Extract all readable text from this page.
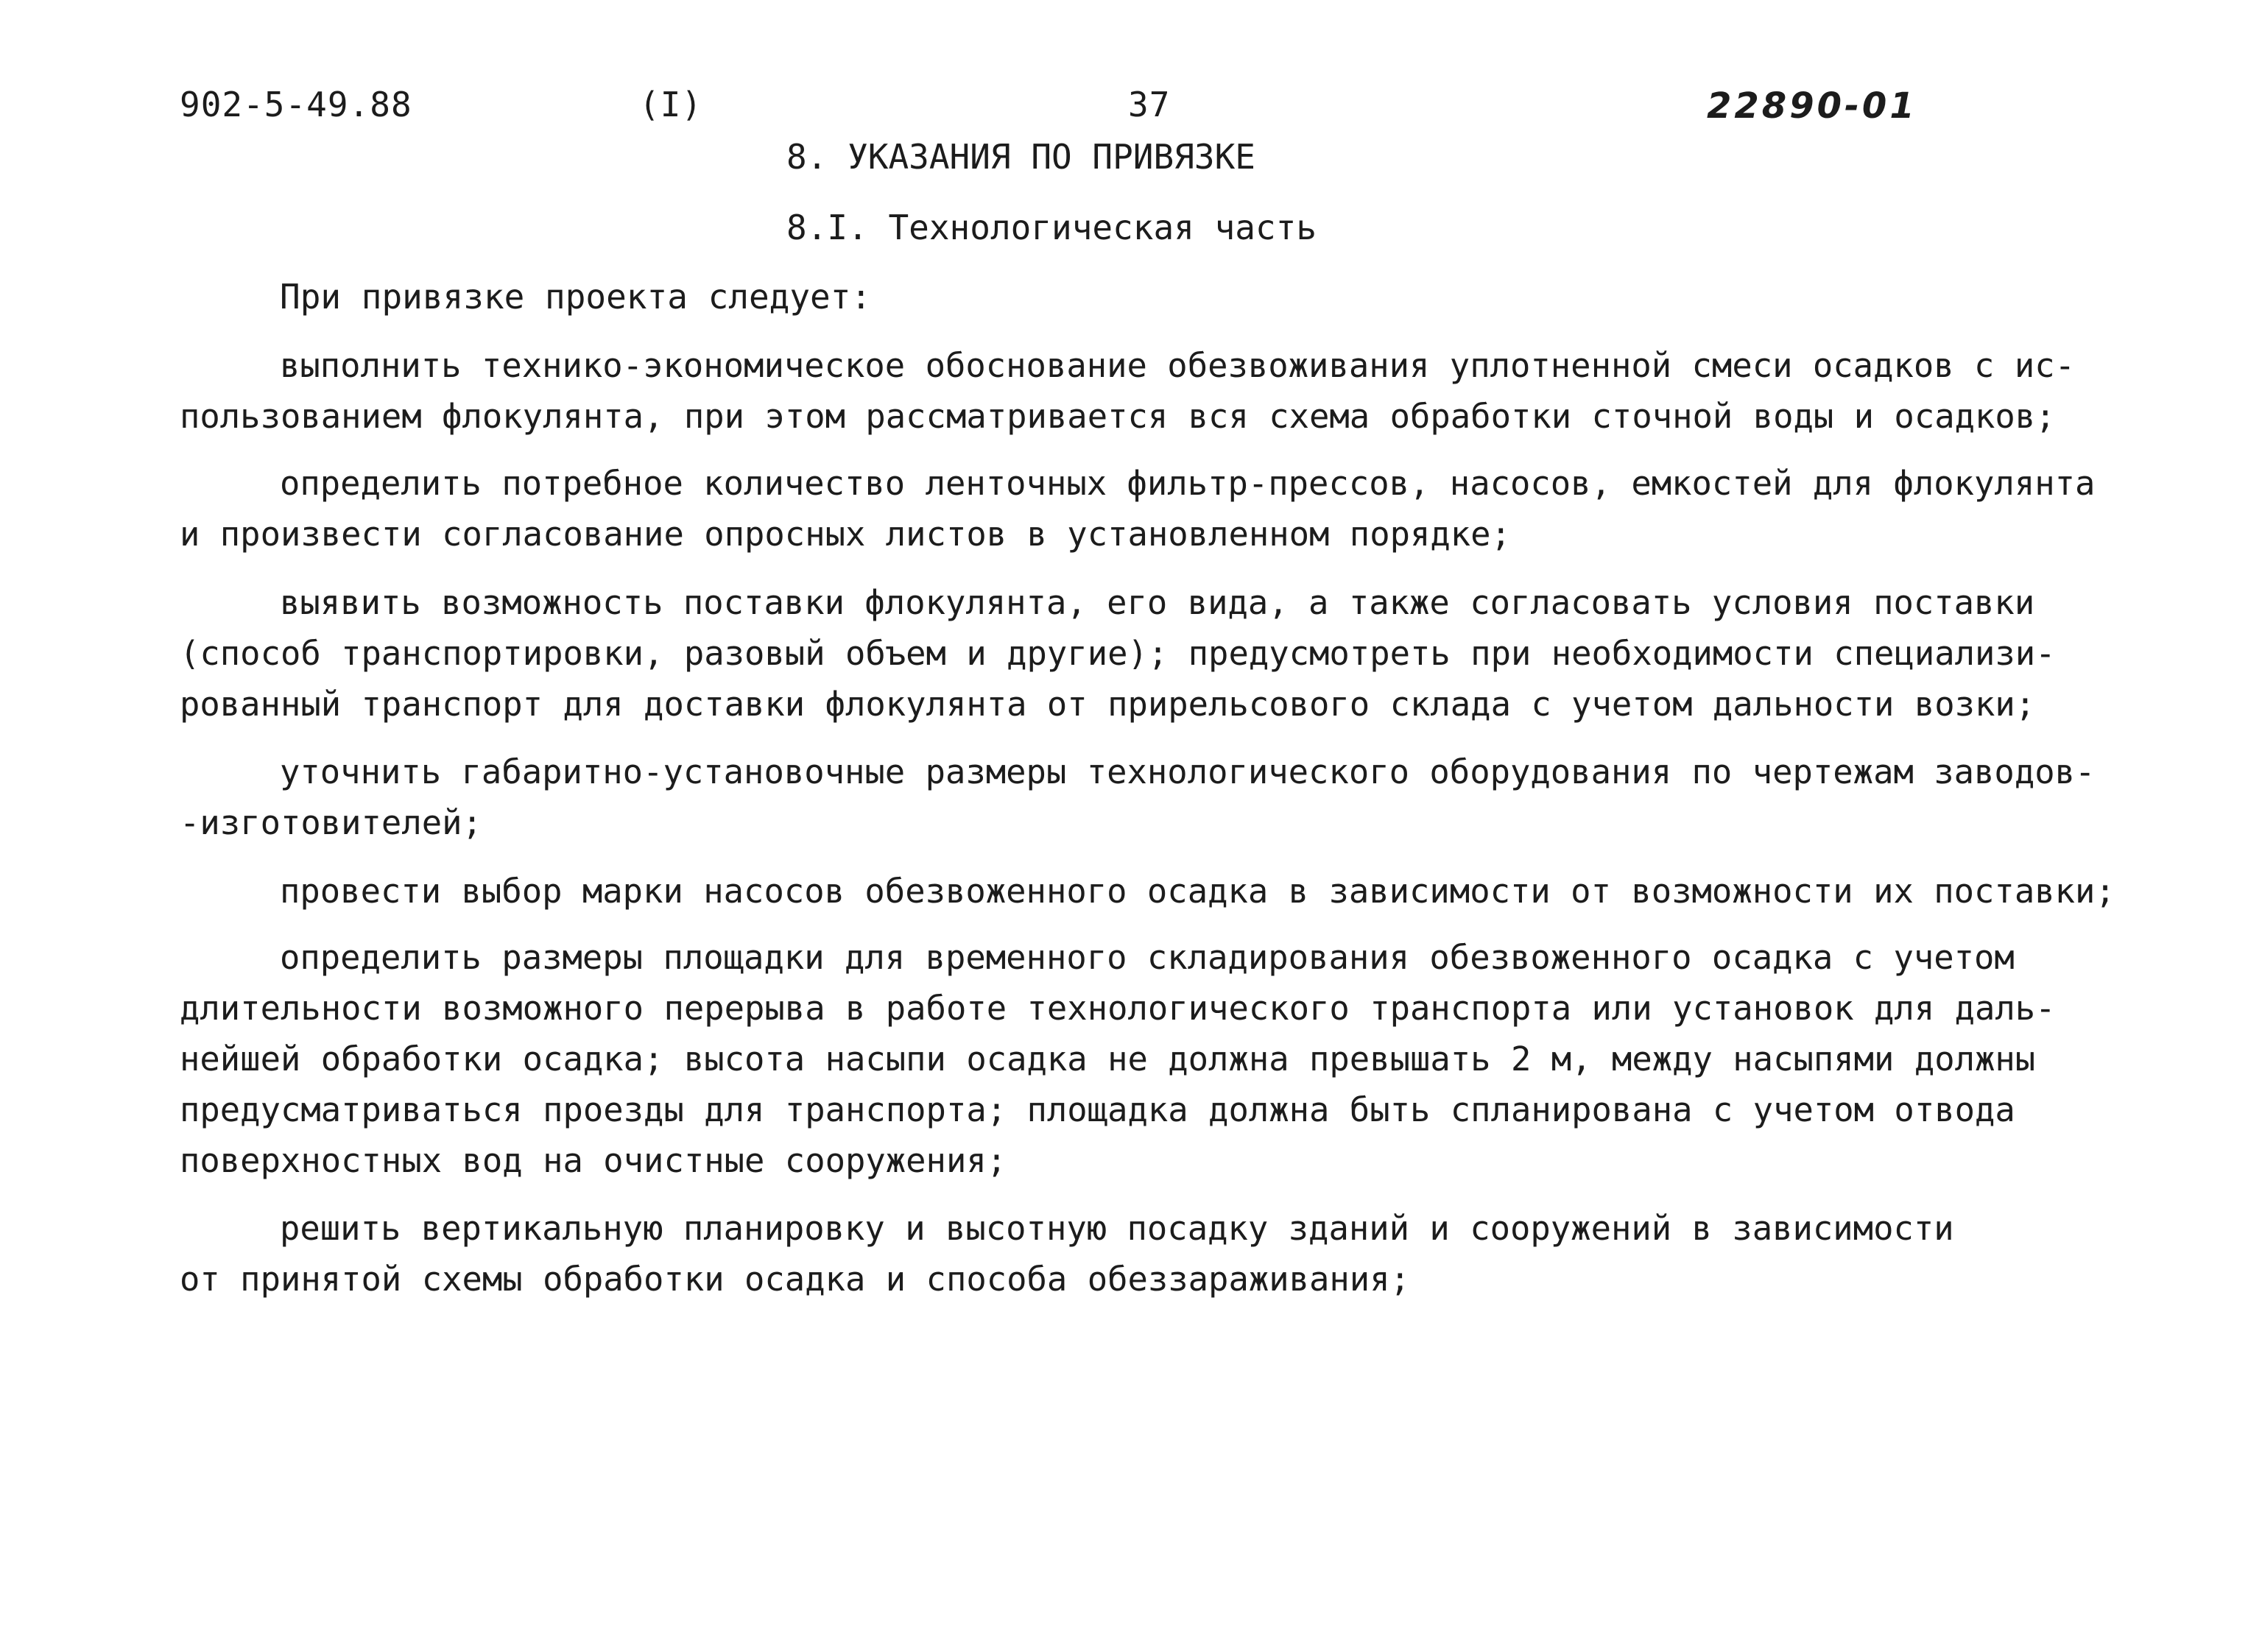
902-5-49.88	(I)	37	22890-01
8. УКАЗАНИЯ ПО ПРИВЯЗКЕ
8.I. Технологическая часть
При привязке проекта следует:
выполнить технико-экономическое обоснование обезвоживания уплотненной смеси осадков с ис-
пользованием флокулянта, при этом рассматривается вся схема обработки сточной воды и осадков;
определить потребное количество ленточных фильтр-прессов, насосов, емкостей для флокулянта
и произвести согласование опросных листов в установленном порядке;
выявить возможность поставки флокулянта, его вида, а также согласовать условия поставки
(способ транспортировки, разовый объем и другие); предусмотреть при необходимости специализи-
рованный транспорт для доставки флокулянта от прирельсового склада с учетом дальности возки;
уточнить габаритно-установочные размеры технологического оборудования по чертежам заводов-
-изготовителей;
провести выбор марки насосов обезвоженного осадка в зависимости от возможности их поставки;
определить размеры площадки для временного складирования обезвоженного осадка с учетом
длительности возможного перерыва в работе технологического транспорта или установок для даль-
нейшей обработки осадка; высота насыпи осадка не должна превышать 2 м, между насыпями должны
предусматриваться проезды для транспорта; площадка должна быть спланирована с учетом отвода
поверхностных вод на очистные сооружения;
решить вертикальную планировку и высотную посадку зданий и сооружений в зависимости
от принятой схемы обработки осадка и способа обеззараживания;
